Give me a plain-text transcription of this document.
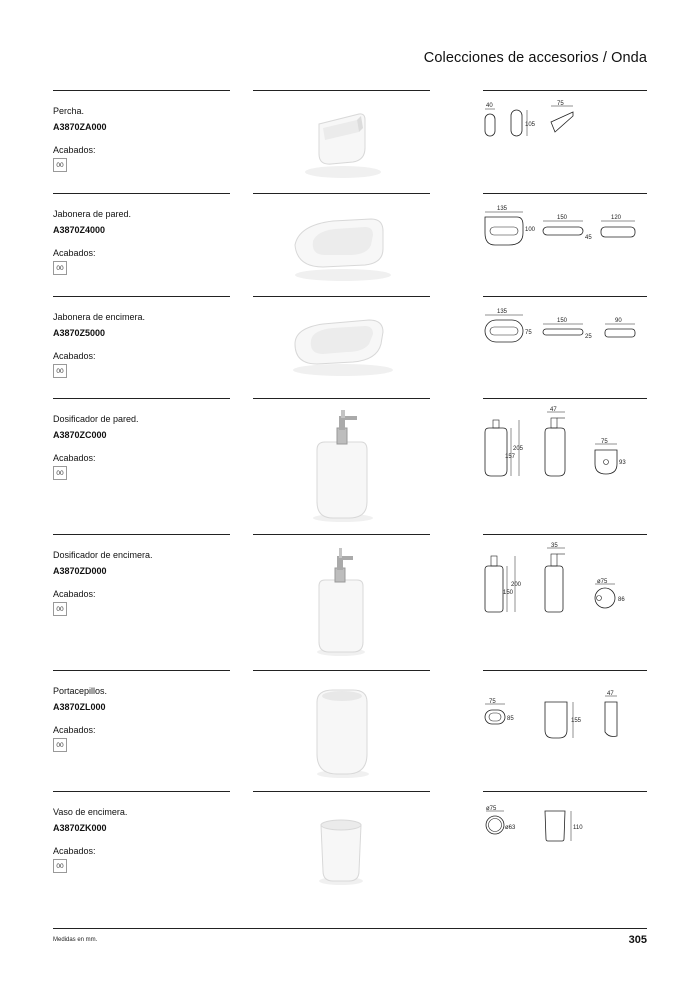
Colecciones de accesorios / Onda
Percha.
A3870ZA000
Acabados:
00
40
105
75
Jabonera de pared.
A3870Z4000
Acabados:
00
135
100
150
45
120
Jabonera de encimera.
A3870Z5000
Acabados:
00
135
75
150
25
90
Dosificador de pared.
A3870ZC000
Acabados:
00
205
157
47
75
93
Dosificador de encimera.
A3870ZD000
Acabados:
00
200
150
35
ø75
86
Portacepillos.
A3870ZL000
Acabados:
00
75
85	155
47
Vaso de encimera.
A3870ZK000
Acabados:
00
ø75
ø63	110
Medidas en mm.	305
